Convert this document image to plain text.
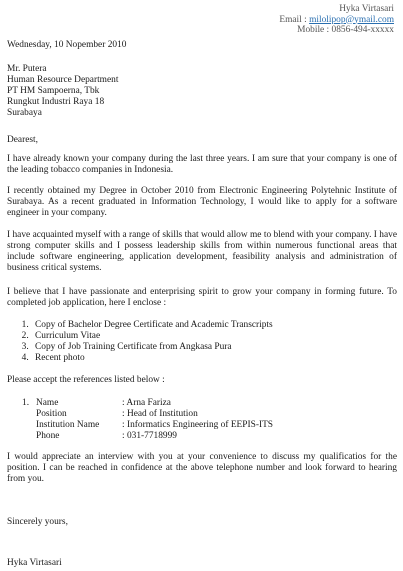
Hyka Virtasari
Email : milolipop@ymail.com
Mobile : 0856-494-xxxxx
Wednesday, 10 Nopember 2010
Mr. Putera
Human Resource Department
PT HM Sampoerna, Tbk
Rungkut Industri Raya 18
Surabaya
Dearest,
I have already known your company during the last three years. I am sure that your company is one of the leading tobacco companies in Indonesia.
I recently obtained my Degree in October 2010 from Electronic Engineering Polytehnic Institute of Surabaya. As a recent graduated in Information Technology, I would like to apply for a software engineer in your company.
I have acquainted myself with a range of skills that would allow me to blend with your company. I have strong computer skills and I possess leadership skills from within numerous functional areas that include software engineering, application development, feasibility analysis and administration of business critical systems.
I believe that I have passionate and enterprising spirit to grow your company in forming future. To completed job application, here I enclose :
1. Copy of Bachelor Degree Certificate and Academic Transcripts
2. Curriculum Vitae
3. Copy of Job Training Certificate from Angkasa Pura
4. Recent photo
Please accept the references listed below :
1. Name	: Arna Fariza
Position	: Head of Institution
Institution Name	: Informatics Engineering of EEPIS-ITS
Phone	: 031-7718999
I would appreciate an interview with you at your convenience to discuss my qualificatios for the position. I can be reached in confidence at the above telephone number and look forward to hearing from you.
Sincerely yours,
Hyka Virtasari
